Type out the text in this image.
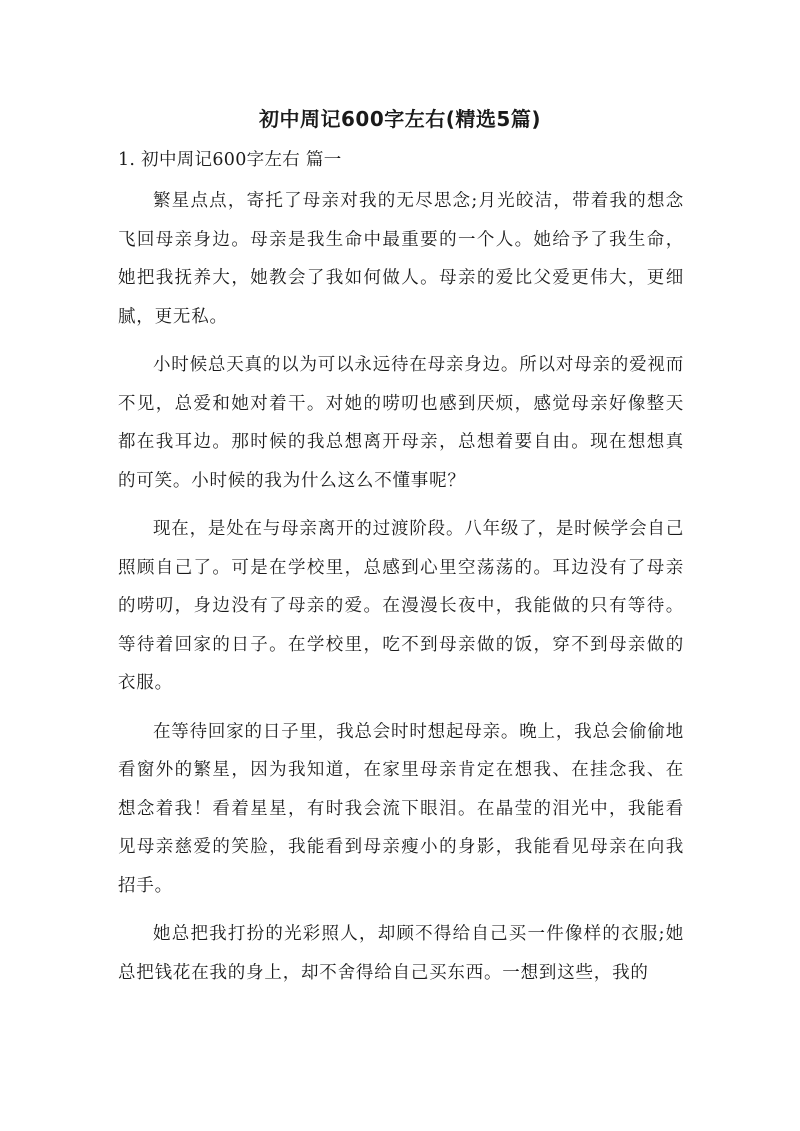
初中周记600字左右(精选5篇)
1. 初中周记600字左右 篇一

繁星点点，寄托了母亲对我的无尽思念;月光皎洁，带着我的想念飞回母亲身边。母亲是我生命中最重要的一个人。她给予了我生命，她把我抚养大，她教会了我如何做人。母亲的爱比父爱更伟大，更细腻，更无私。

小时候总天真的以为可以永远待在母亲身边。所以对母亲的爱视而不见，总爱和她对着干。对她的唠叨也感到厌烦，感觉母亲好像整天都在我耳边。那时候的我总想离开母亲，总想着要自由。现在想想真的可笑。小时候的我为什么这么不懂事呢？

现在，是处在与母亲离开的过渡阶段。八年级了，是时候学会自己照顾自己了。可是在学校里，总感到心里空荡荡的。耳边没有了母亲的唠叨，身边没有了母亲的爱。在漫漫长夜中，我能做的只有等待。等待着回家的日子。在学校里，吃不到母亲做的饭，穿不到母亲做的衣服。

在等待回家的日子里，我总会时时想起母亲。晚上，我总会偷偷地看窗外的繁星，因为我知道，在家里母亲肯定在想我、在挂念我、在想念着我！看着星星，有时我会流下眼泪。在晶莹的泪光中，我能看见母亲慈爱的笑脸，我能看到母亲瘦小的身影，我能看见母亲在向我招手。

她总把我打扮的光彩照人，却顾不得给自己买一件像样的衣服;她总把钱花在我的身上，却不舍得给自己买东西。一想到这些，我的
